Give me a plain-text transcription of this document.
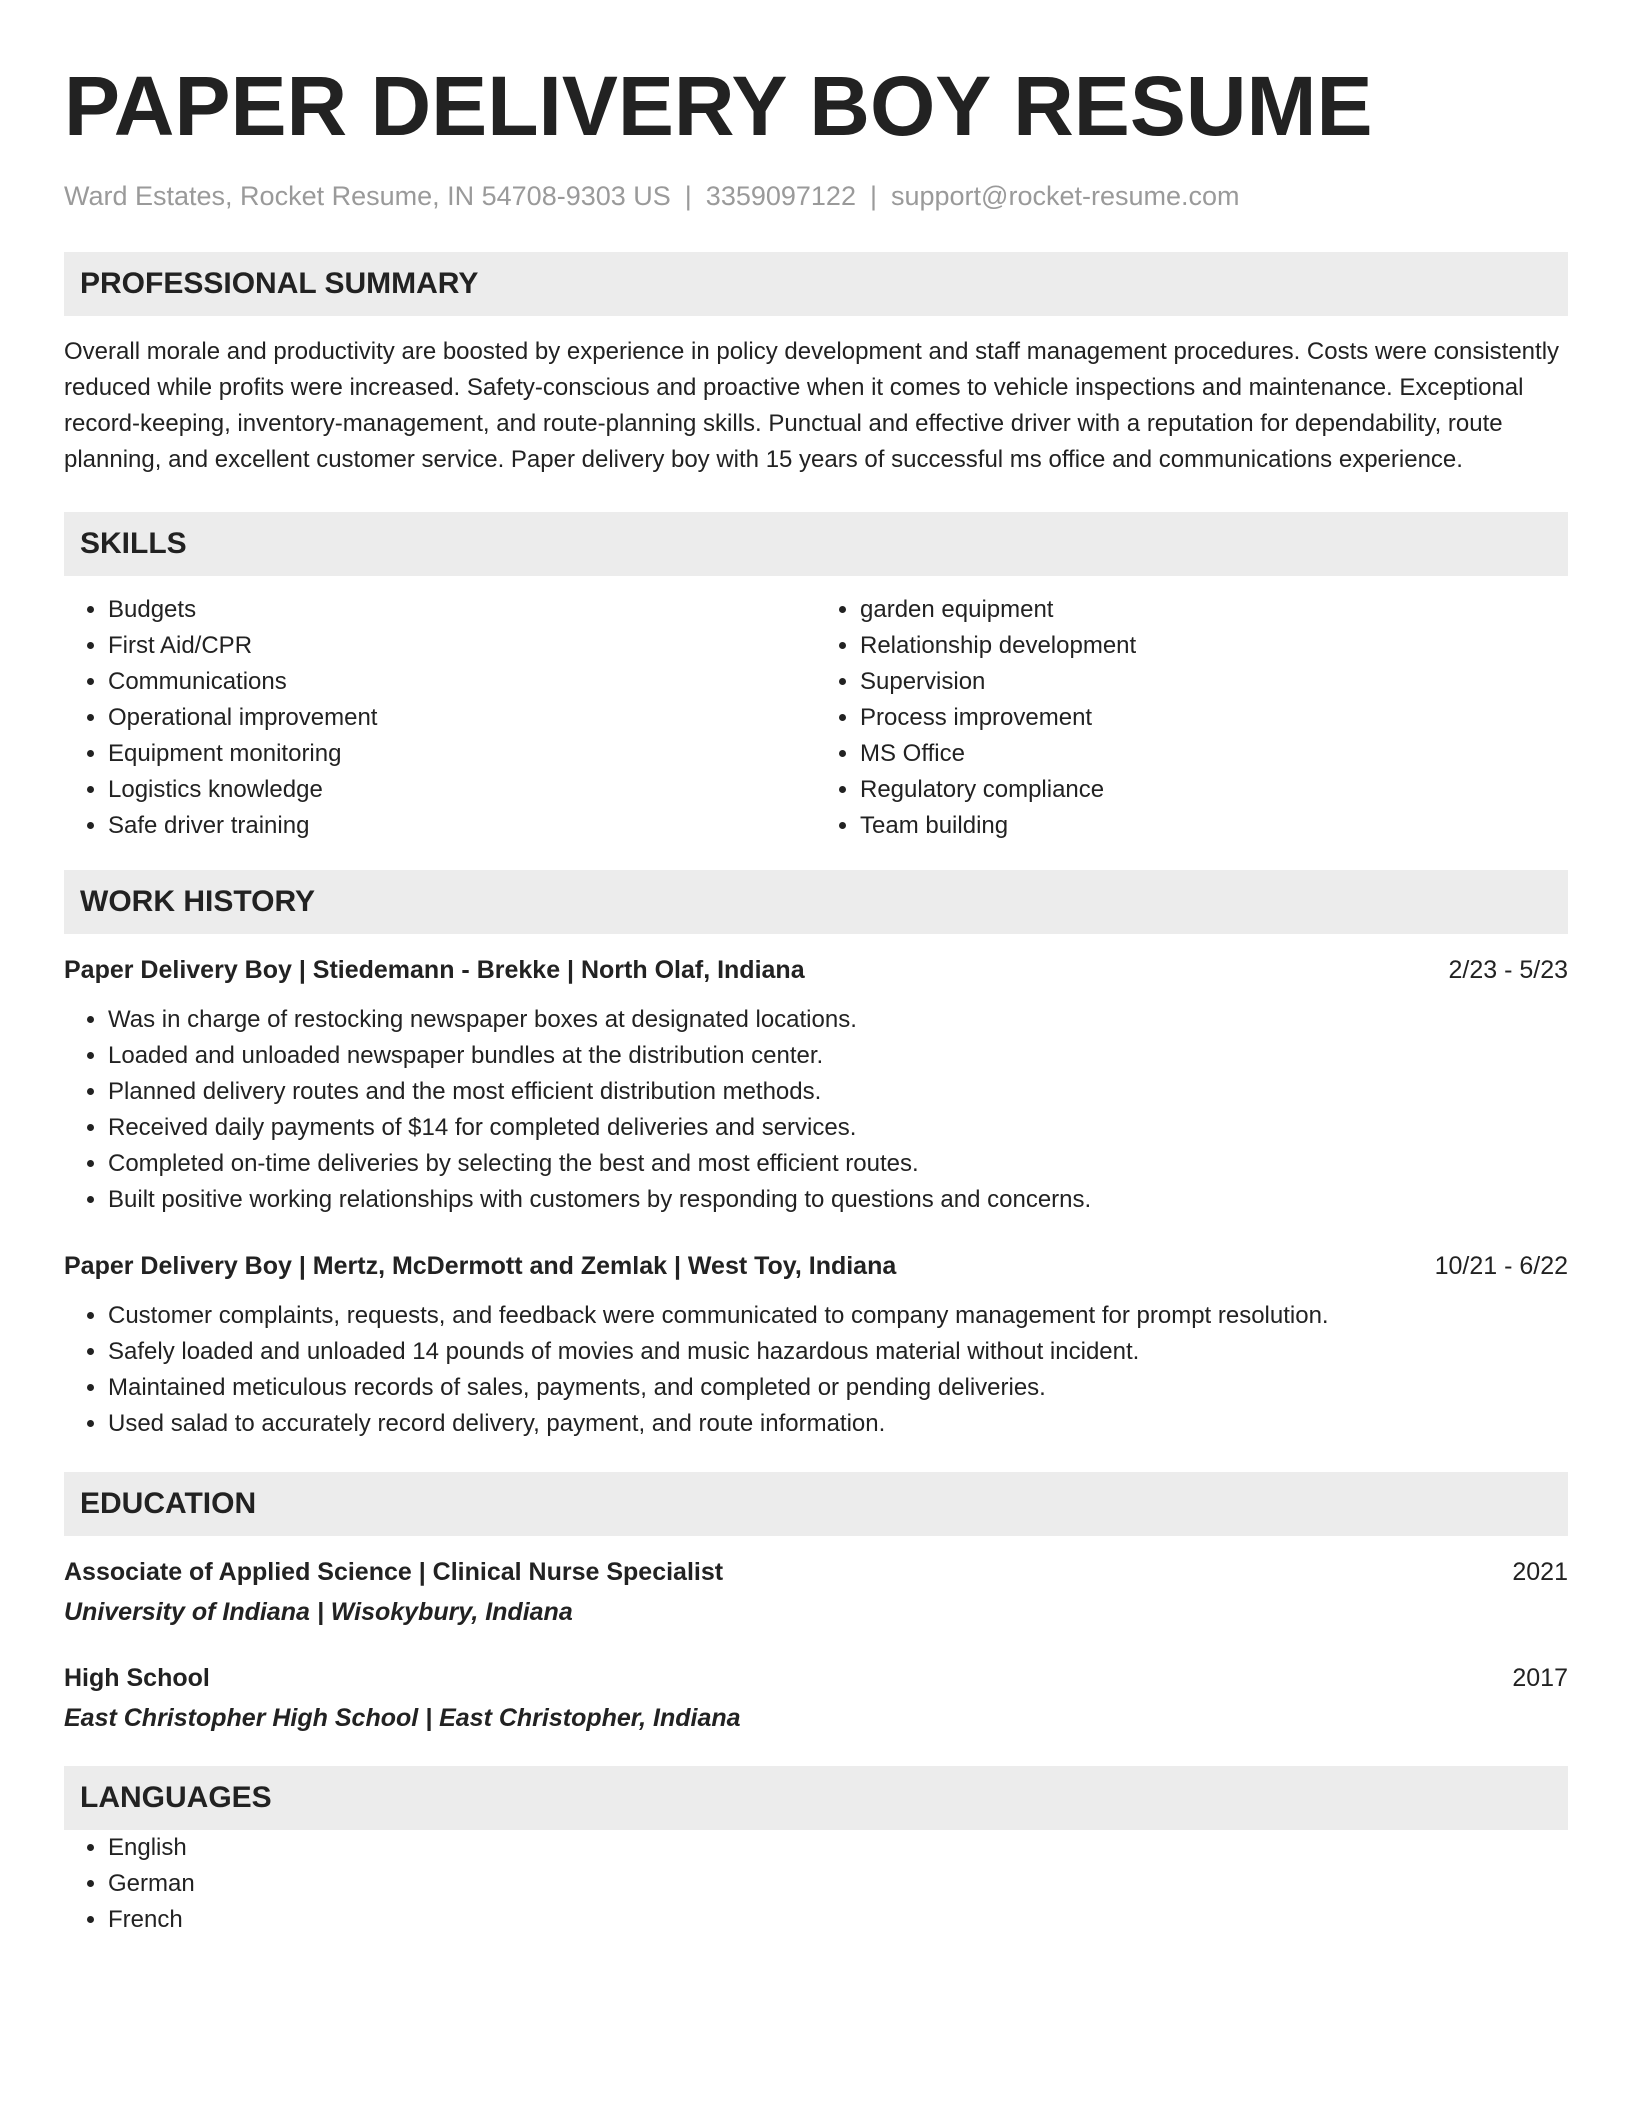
PAPER DELIVERY BOY RESUME
Ward Estates, Rocket Resume, IN 54708-9303 US | 3359097122 | support@rocket-resume.com
PROFESSIONAL SUMMARY
Overall morale and productivity are boosted by experience in policy development and staff management procedures. Costs were consistently reduced while profits were increased. Safety-conscious and proactive when it comes to vehicle inspections and maintenance. Exceptional record-keeping, inventory-management, and route-planning skills. Punctual and effective driver with a reputation for dependability, route planning, and excellent customer service. Paper delivery boy with 15 years of successful ms office and communications experience.
SKILLS
• Budgets
• First Aid/CPR
• Communications
• Operational improvement
• Equipment monitoring
• Logistics knowledge
• Safe driver training
• garden equipment
• Relationship development
• Supervision
• Process improvement
• MS Office
• Regulatory compliance
• Team building
WORK HISTORY
Paper Delivery Boy | Stiedemann - Brekke | North Olaf, Indiana	2/23 - 5/23
• Was in charge of restocking newspaper boxes at designated locations.
• Loaded and unloaded newspaper bundles at the distribution center.
• Planned delivery routes and the most efficient distribution methods.
• Received daily payments of $14 for completed deliveries and services.
• Completed on-time deliveries by selecting the best and most efficient routes.
• Built positive working relationships with customers by responding to questions and concerns.
Paper Delivery Boy | Mertz, McDermott and Zemlak | West Toy, Indiana	10/21 - 6/22
• Customer complaints, requests, and feedback were communicated to company management for prompt resolution.
• Safely loaded and unloaded 14 pounds of movies and music hazardous material without incident.
• Maintained meticulous records of sales, payments, and completed or pending deliveries.
• Used salad to accurately record delivery, payment, and route information.
EDUCATION
Associate of Applied Science | Clinical Nurse Specialist	2021
University of Indiana | Wisokybury, Indiana
High School	2017
East Christopher High School | East Christopher, Indiana
LANGUAGES
• English
• German
• French
